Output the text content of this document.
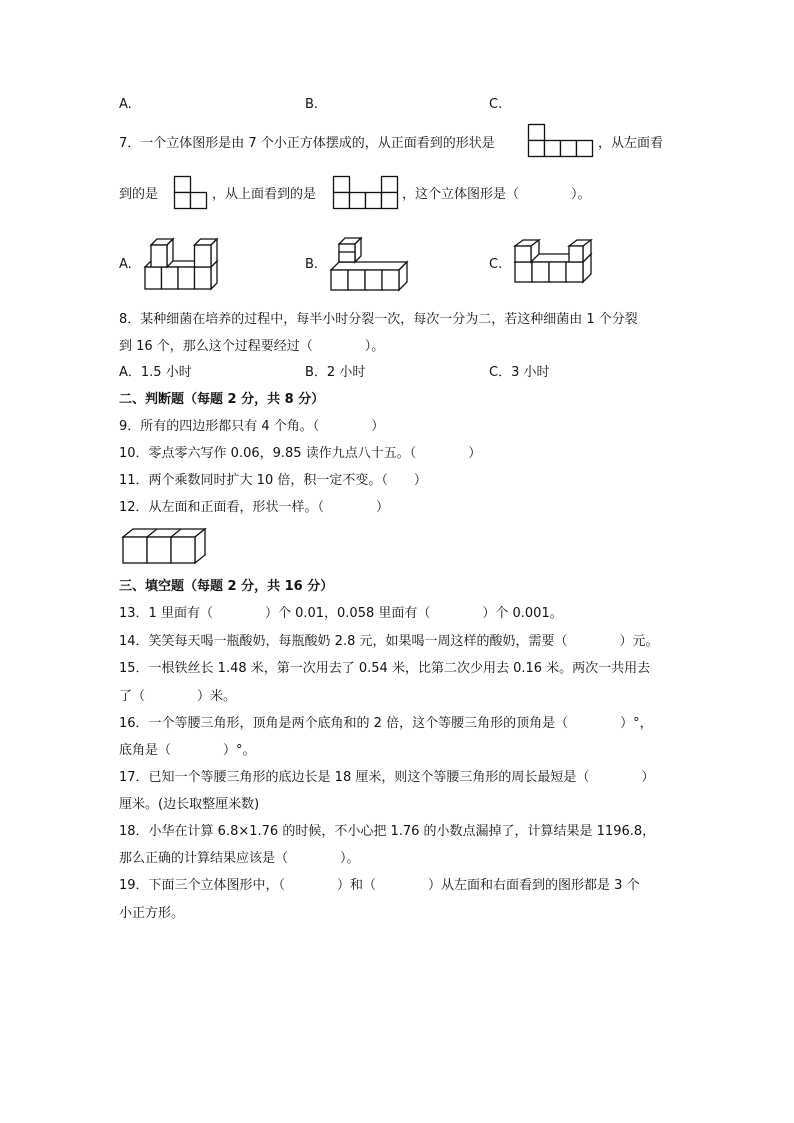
A.	B.	C.
7．一个立体图形是由 7 个小正方体摆成的，从正面看到的形状是	，从左面看
到的是	，从上面看到的是	，这个立体图形是（　　　　）。
A.	B.	C.
8．某种细菌在培养的过程中，每半小时分裂一次，每次一分为二，若这种细菌由 1 个分裂
到 16 个，那么这个过程要经过（　　　　）。
A．1.5 小时	B．2 小时	C．3 小时
二、判断题（每题 2 分，共 8 分）
9．所有的四边形都只有 4 个角。（　　　　）
10．零点零六写作 0.06，9.85 读作九点八十五。（　　　　）
11．两个乘数同时扩大 10 倍，积一定不变。（　　）
12．从左面和正面看，形状一样。（　　　　）
三、填空题（每题 2 分，共 16 分）
13．1 里面有（　　　　）个 0.01，0.058 里面有（　　　　）个 0.001。
14．笑笑每天喝一瓶酸奶，每瓶酸奶 2.8 元，如果喝一周这样的酸奶，需要（　　　　）元。
15．一根铁丝长 1.48 米，第一次用去了 0.54 米，比第二次少用去 0.16 米。两次一共用去
了（　　　　）米。
16．一个等腰三角形，顶角是两个底角和的 2 倍，这个等腰三角形的顶角是（　　　　）°，
底角是（　　　　）°。
17．已知一个等腰三角形的底边长是 18 厘米，则这个等腰三角形的周长最短是（　　　　）
厘米。(边长取整厘米数)
18．小华在计算 6.8×1.76 的时候，不小心把 1.76 的小数点漏掉了，计算结果是 1196.8，
那么正确的计算结果应该是（　　　　）。
19．下面三个立体图形中，（　　　　）和（　　　　）从左面和右面看到的图形都是 3 个
小正方形。
